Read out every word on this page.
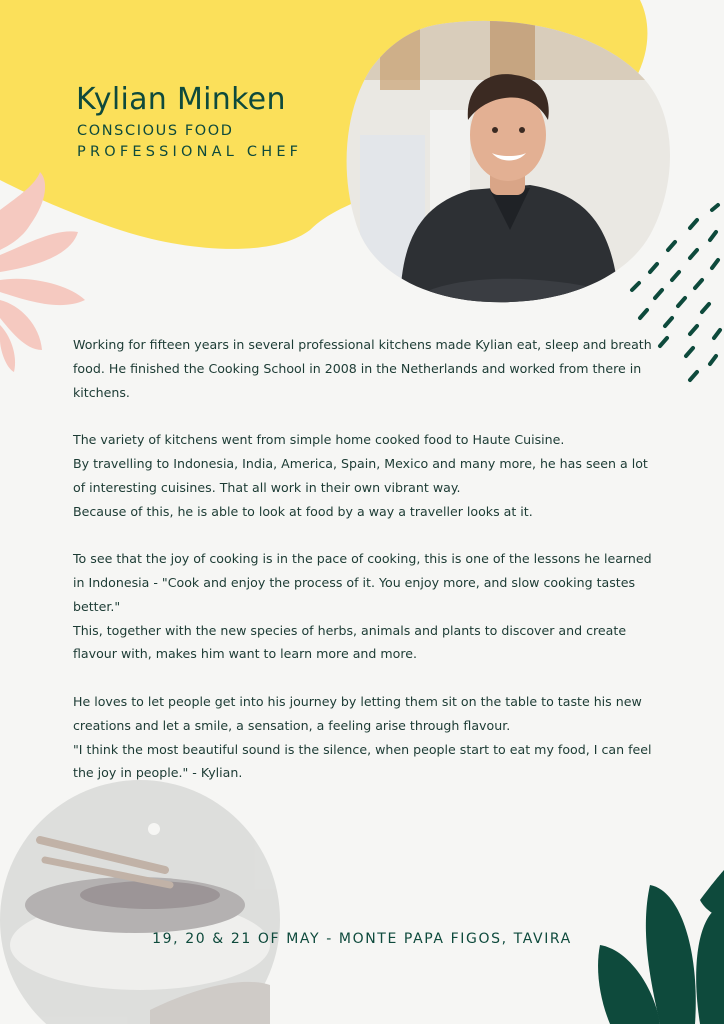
Kylian Minken
CONSCIOUS FOOD
PROFESSIONAL CHEF

Working for fifteen years in several professional kitchens made Kylian eat, sleep and breath food. He finished the Cooking School in 2008 in the Netherlands and worked from there in kitchens.

The variety of kitchens went from simple home cooked food to Haute Cuisine.
By travelling to Indonesia, India, America, Spain, Mexico and many more, he has seen a lot of interesting cuisines. That all work in their own vibrant way.
Because of this, he is able to look at food by a way a traveller looks at it.

To see that the joy of cooking is in the pace of cooking, this is one of the lessons he learned in Indonesia - "Cook and enjoy the process of it. You enjoy more, and slow cooking tastes better."
This, together with the new species of herbs, animals and plants to discover and create flavour with, makes him want to learn more and more.

He loves to let people get into his journey by letting them sit on the table to taste his new creations and let a smile, a sensation, a feeling arise through flavour.
"I think the most beautiful sound is the silence, when people start to eat my food, I can feel the joy in people." - Kylian.

19, 20 & 21 OF MAY - MONTE PAPA FIGOS, TAVIRA
